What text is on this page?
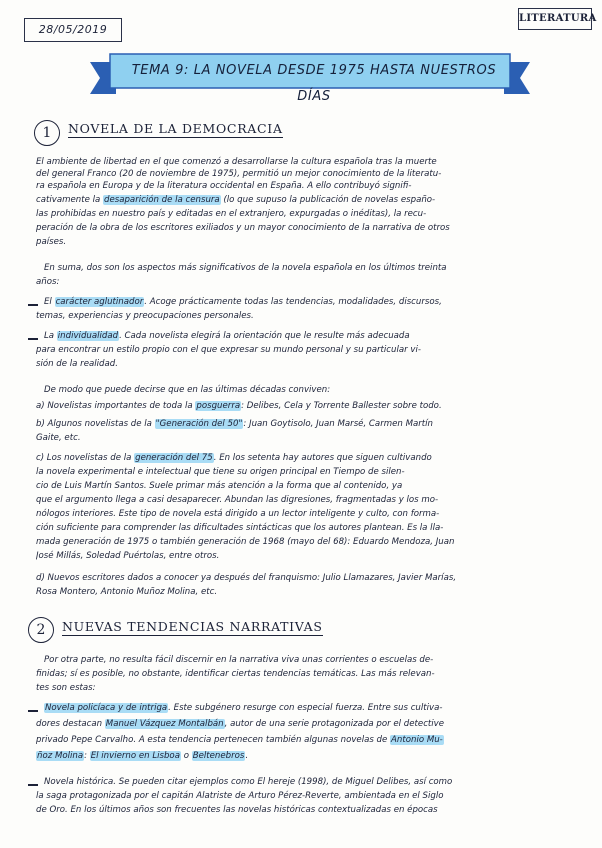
28/05/2019
LITERATURA
TEMA 9: LA NOVELA DESDE 1975 HASTA NUESTROS DÍAS
1	NOVELA DE LA DEMOCRACIA
El ambiente de libertad en el que comenzó a desarrollarse la cultura española tras la muerte
del general Franco (20 de noviembre de 1975), permitió un mejor conocimiento de la literatu-
ra española en Europa y de la literatura occidental en España. A ello contribuyó signifi-
cativamente la desaparición de la censura (lo que supuso la publicación de novelas españo-
las prohibidas en nuestro país y editadas en el extranjero, expurgadas o inéditas), la recu-
peración de la obra de los escritores exiliados y un mayor conocimiento de la narrativa de otros
países.
En suma, dos son los aspectos más significativos de la novela española en los últimos treinta
años:
El carácter aglutinador. Acoge prácticamente todas las tendencias, modalidades, discursos,
temas, experiencias y preocupaciones personales.
La individualidad. Cada novelista elegirá la orientación que le resulte más adecuada
para encontrar un estilo propio con el que expresar su mundo personal y su particular vi-
sión de la realidad.
De modo que puede decirse que en las últimas décadas conviven:
a) Novelistas importantes de toda la posguerra: Delibes, Cela y Torrente Ballester sobre todo.
b) Algunos novelistas de la "Generación del 50": Juan Goytisolo, Juan Marsé, Carmen Martín
Gaite, etc.
c) Los novelistas de la generación del 75. En los setenta hay autores que siguen cultivando
la novela experimental e intelectual que tiene su origen principal en Tiempo de silen-
cio de Luis Martín Santos. Suele primar más atención a la forma que al contenido, ya
que el argumento llega a casi desaparecer. Abundan las digresiones, fragmentadas y los mo-
nólogos interiores. Este tipo de novela está dirigido a un lector inteligente y culto, con forma-
ción suficiente para comprender las dificultades sintácticas que los autores plantean. Es la lla-
mada generación de 1975 o también generación de 1968 (mayo del 68): Eduardo Mendoza, Juan
José Millás, Soledad Puértolas, entre otros.
d) Nuevos escritores dados a conocer ya después del franquismo: Julio Llamazares, Javier Marías,
Rosa Montero, Antonio Muñoz Molina, etc.
2	NUEVAS TENDENCIAS NARRATIVAS
Por otra parte, no resulta fácil discernir en la narrativa viva unas corrientes o escuelas de-
finidas; sí es posible, no obstante, identificar ciertas tendencias temáticas. Las más relevan-
tes son estas:
Novela policíaca y de intriga. Este subgénero resurge con especial fuerza. Entre sus cultiva-
dores destacan Manuel Vázquez Montalbán, autor de una serie protagonizada por el detective
privado Pepe Carvalho. A esta tendencia pertenecen también algunas novelas de Antonio Mu-
ñoz Molina: El invierno en Lisboa o Beltenebros.
Novela histórica. Se pueden citar ejemplos como El hereje (1998), de Miguel Delibes, así como
la saga protagonizada por el capitán Alatriste de Arturo Pérez-Reverte, ambientada en el Siglo
de Oro. En los últimos años son frecuentes las novelas históricas contextualizadas en épocas
